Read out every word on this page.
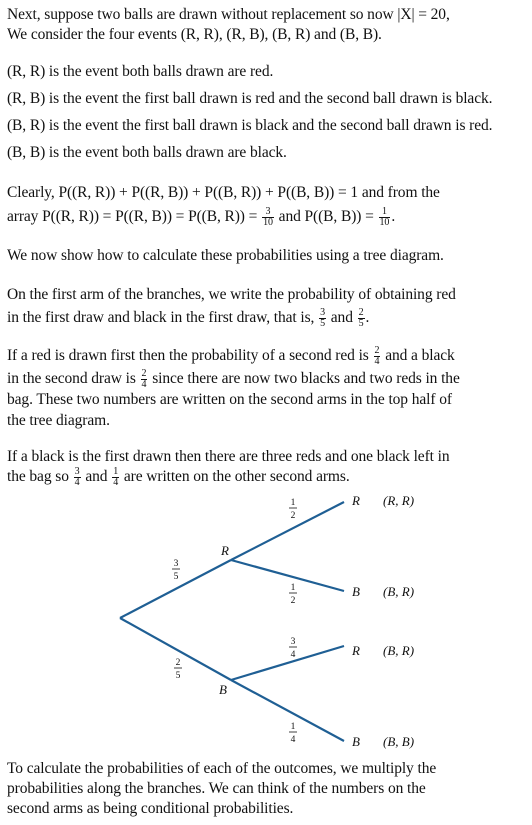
Next, suppose two balls are drawn without replacement so now |X| = 20,
We consider the four events (R, R), (R, B), (B, R) and (B, B).
(R, R) is the event both balls drawn are red.
(R, B) is the event the first ball drawn is red and the second ball drawn is black.
(B, R) is the event the first ball drawn is black and the second ball drawn is red.
(B, B) is the event both balls drawn are black.
Clearly, P((R, R)) + P((R, B)) + P((B, R)) + P((B, B)) = 1 and from the
array P((R, R)) = P((R, B)) = P((B, $R)) = \frac{3}{10}$ and P((B, $B)) = \frac{1}{10}$ .
We now show how to calculate these probabilities using a tree diagram.
On the first arm of the branches, we write the probability of obtaining red
in the first draw and black in the first draw, that is, $\frac{3}{5}$ and $\frac{2}{5}$ .
If a red is drawn first then the probability of a second red is $\frac{2}{4}$ and a black
in the second draw is $\frac{2}{4}$ since there are now two blacks and two reds in the
bag. These two numbers are written on the second arms in the top half of
the tree diagram.
If a black is the first drawn then there are three reds and one black left in
the bag so $\frac{3}{4}$ and $\frac{1}{4}$ are written on the other second arms.
R
B
R (R, R)
B (B, R)
R (B, R)
B (B, B)
3
5
2
5
1
2
1
2
3
4
1
4
To calculate the probabilities of each of the outcomes, we multiply the
probabilities along the branches. We can think of the numbers on the
second arms as being conditional probabilities.
